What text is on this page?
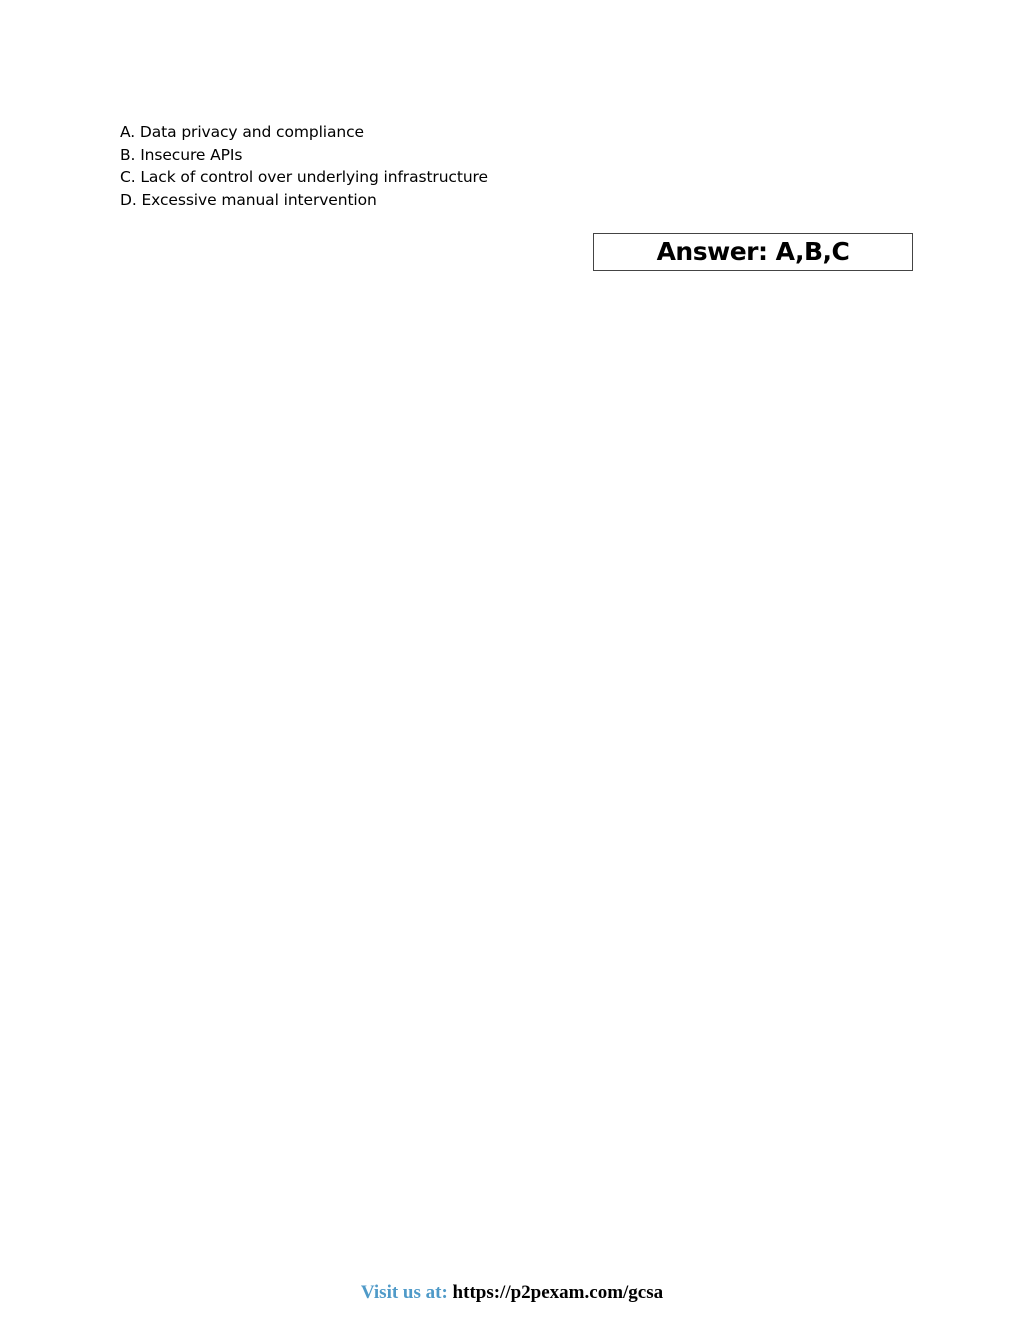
A. Data privacy and compliance
B. Insecure APIs
C. Lack of control over underlying infrastructure
D. Excessive manual intervention
Answer: A,B,C
Visit us at: https://p2pexam.com/gcsa
